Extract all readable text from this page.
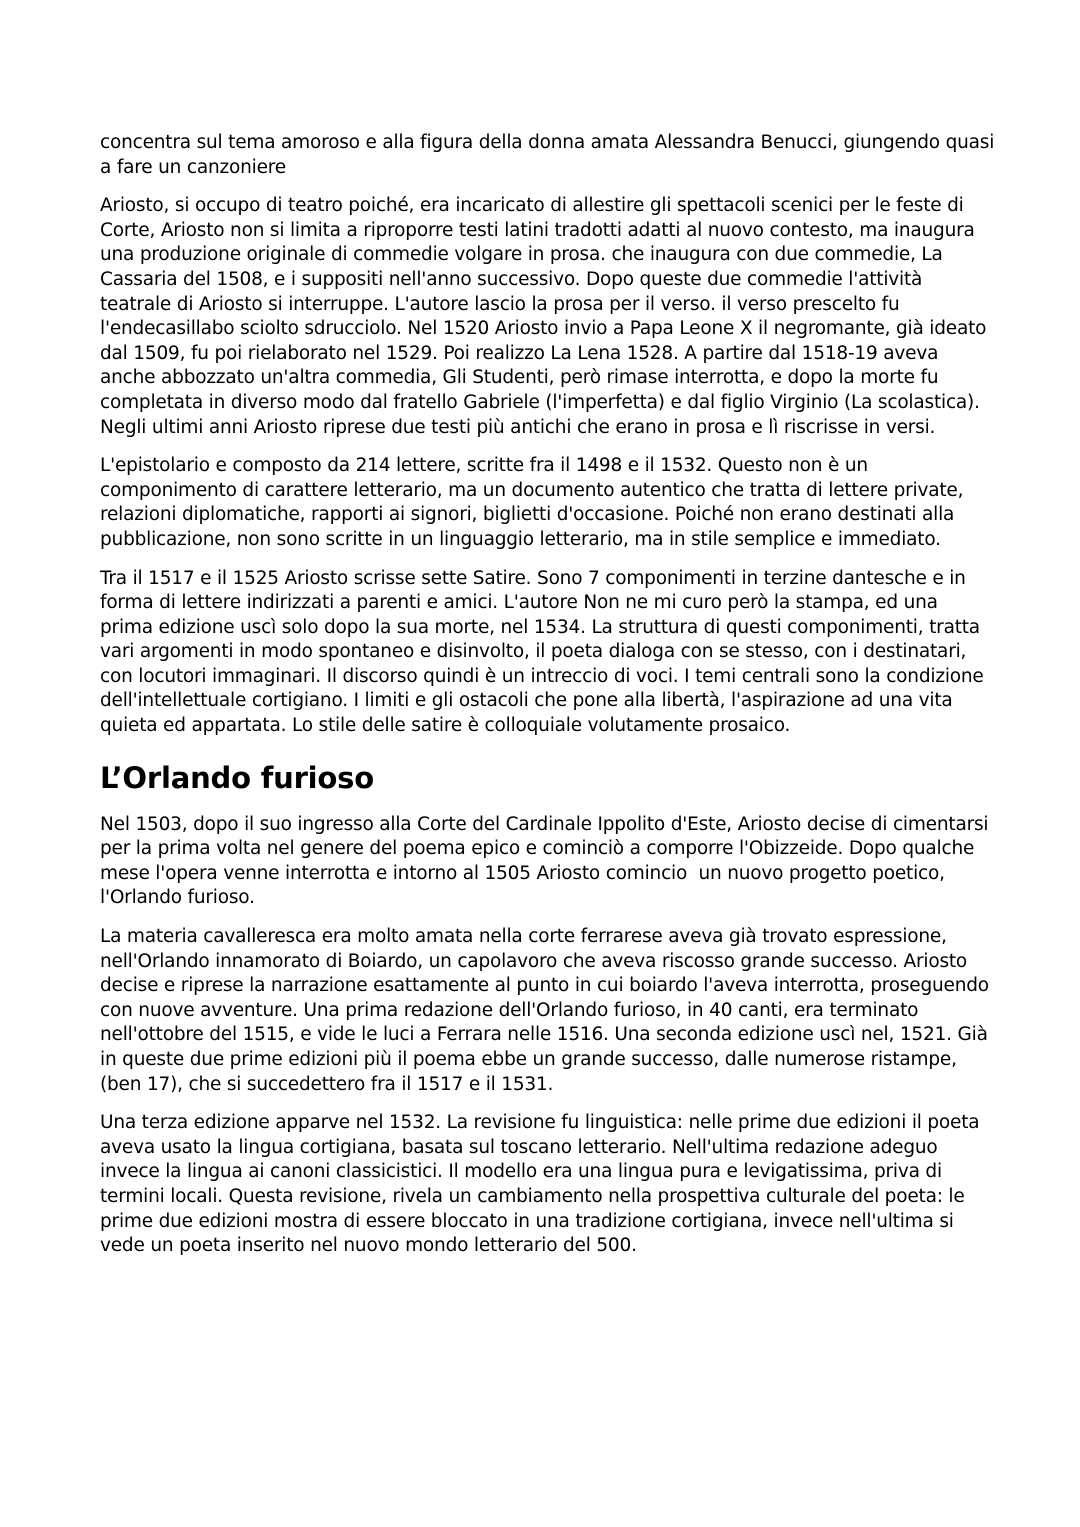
concentra sul tema amoroso e alla figura della donna amata Alessandra Benucci, giungendo quasi a fare un canzoniere

Ariosto, si occupo di teatro poiché, era incaricato di allestire gli spettacoli scenici per le feste di Corte, Ariosto non si limita a riproporre testi latini tradotti adatti al nuovo contesto, ma inaugura una produzione originale di commedie volgare in prosa. che inaugura con due commedie, La Cassaria del 1508, e i suppositi nell'anno successivo. Dopo queste due commedie l'attività teatrale di Ariosto si interruppe. L'autore lascio la prosa per il verso. il verso prescelto fu l'endecasillabo sciolto sdrucciolo. Nel 1520 Ariosto invio a Papa Leone X il negromante, già ideato dal 1509, fu poi rielaborato nel 1529. Poi realizzo La Lena 1528. A partire dal 1518-19 aveva anche abbozzato un'altra commedia, Gli Studenti, però rimase interrotta, e dopo la morte fu completata in diverso modo dal fratello Gabriele (l'imperfetta) e dal figlio Virginio (La scolastica). Negli ultimi anni Ariosto riprese due testi più antichi che erano in prosa e lì riscrisse in versi.

L'epistolario e composto da 214 lettere, scritte fra il 1498 e il 1532. Questo non è un componimento di carattere letterario, ma un documento autentico che tratta di lettere private, relazioni diplomatiche, rapporti ai signori, biglietti d'occasione. Poiché non erano destinati alla pubblicazione, non sono scritte in un linguaggio letterario, ma in stile semplice e immediato.

Tra il 1517 e il 1525 Ariosto scrisse sette Satire. Sono 7 componimenti in terzine dantesche e in forma di lettere indirizzati a parenti e amici. L'autore Non ne mi curo però la stampa, ed una prima edizione uscì solo dopo la sua morte, nel 1534. La struttura di questi componimenti, tratta vari argomenti in modo spontaneo e disinvolto, il poeta dialoga con se stesso, con i destinatari, con locutori immaginari. Il discorso quindi è un intreccio di voci. I temi centrali sono la condizione dell'intellettuale cortigiano. I limiti e gli ostacoli che pone alla libertà, l'aspirazione ad una vita quieta ed appartata. Lo stile delle satire è colloquiale volutamente prosaico.

L’Orlando furioso

Nel 1503, dopo il suo ingresso alla Corte del Cardinale Ippolito d'Este, Ariosto decise di cimentarsi per la prima volta nel genere del poema epico e cominciò a comporre l'Obizzeide. Dopo qualche mese l'opera venne interrotta e intorno al 1505 Ariosto comincio  un nuovo progetto poetico, l'Orlando furioso.

La materia cavalleresca era molto amata nella corte ferrarese aveva già trovato espressione, nell'Orlando innamorato di Boiardo, un capolavoro che aveva riscosso grande successo. Ariosto decise e riprese la narrazione esattamente al punto in cui boiardo l'aveva interrotta, proseguendo con nuove avventure. Una prima redazione dell'Orlando furioso, in 40 canti, era terminato nell'ottobre del 1515, e vide le luci a Ferrara nelle 1516. Una seconda edizione uscì nel, 1521. Già in queste due prime edizioni più il poema ebbe un grande successo, dalle numerose ristampe, (ben 17), che si succedettero fra il 1517 e il 1531.

Una terza edizione apparve nel 1532. La revisione fu linguistica: nelle prime due edizioni il poeta aveva usato la lingua cortigiana, basata sul toscano letterario. Nell'ultima redazione adeguo invece la lingua ai canoni classicistici. Il modello era una lingua pura e levigatissima, priva di termini locali. Questa revisione, rivela un cambiamento nella prospettiva culturale del poeta: le prime due edizioni mostra di essere bloccato in una tradizione cortigiana, invece nell'ultima si vede un poeta inserito nel nuovo mondo letterario del 500.
